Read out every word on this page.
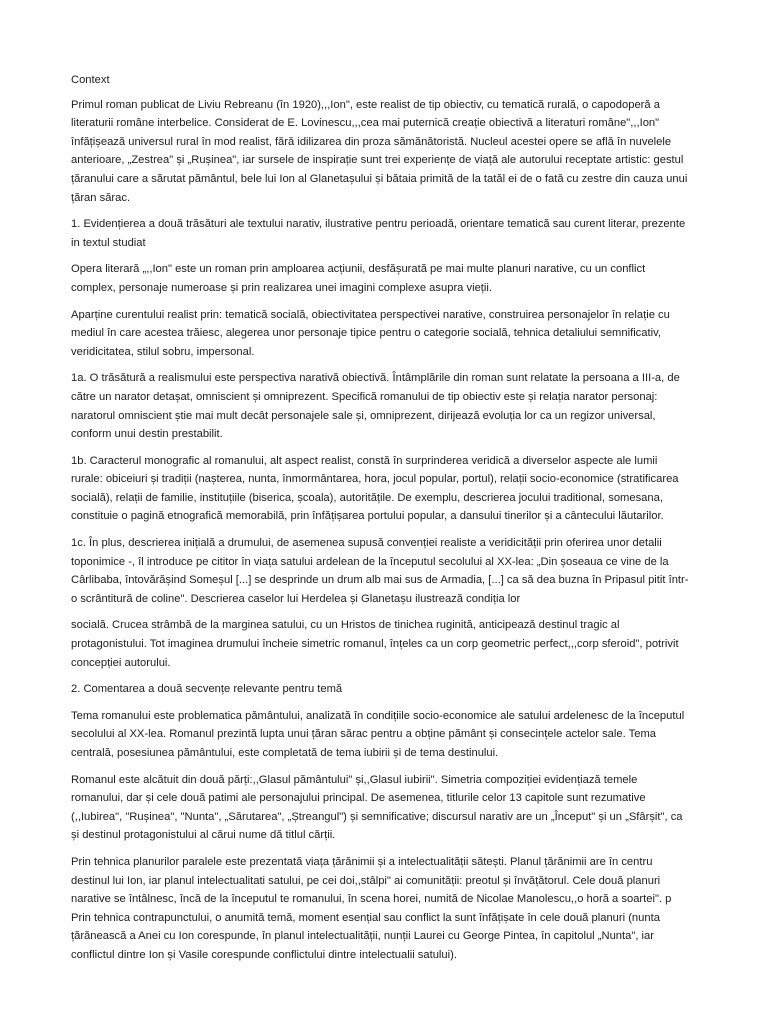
Context

Primul roman publicat de Liviu Rebreanu (în 1920),,,Ion", este realist de tip obiectiv, cu tematică rurală, o capodoperă a
literaturii române interbelice. Considerat de E. Lovinescu,,,cea mai puternică creație obiectivă a literaturi române",,,Ion"
înfățișează universul rural în mod realist, fără idilizarea din proza sămănătoristă. Nucleul acestei opere se află în nuvelele
anterioare, „Zestrea" și „Rușinea", iar sursele de inspirație sunt trei experiențe de viață ale autorului receptate artistic: gestul
țăranului care a sărutat pământul, bele lui Ion al Glanetașului și bătaia primită de la tatăl ei de o fată cu zestre din cauza unui
țăran sărac.

1. Evidențierea a două trăsături ale textului narativ, ilustrative pentru perioadă, orientare tematică sau curent literar, prezente
in textul studiat

Opera literară „,,Ion" este un roman prin amploarea acțiunii, desfășurată pe mai multe planuri narative, cu un conflict
complex, personaje numeroase și prin realizarea unei imagini complexe asupra vieții.

Aparține curentului realist prin: tematică socială, obiectivitatea perspectivei narative, construirea personajelor în relație cu
mediul în care acestea trăiesc, alegerea unor personaje tipice pentru o categorie socială, tehnica detaliului semnificativ,
veridicitatea, stilul sobru, impersonal.

1a. O trăsătură a realismului este perspectiva narativă obiectivă. Întâmplările din roman sunt relatate la persoana a III-a, de
către un narator detașat, omniscient și omniprezent. Specifică romanului de tip obiectiv este și relația narator personaj:
naratorul omniscient știe mai mult decât personajele sale și, omniprezent, dirijează evoluția lor ca un regizor universal,
conform unui destin prestabilit.

1b. Caracterul monografic al romanului, alt aspect realist, constă în surprinderea veridică a diverselor aspecte ale lumii
rurale: obiceiuri și tradiții (nașterea, nunta, înmormântarea, hora, jocul popular, portul), relații socio-economice (stratificarea
socială), relații de familie, instituțiile (biserica, școala), autoritățile. De exemplu, descrierea jocului traditional, somesana,
constituie o pagină etnografică memorabilă, prin înfățișarea portului popular, a dansului tinerilor și a cântecului lăutarilor.

1c. În plus, descrierea inițială a drumului, de asemenea supusă convenției realiste a veridicității prin oferirea unor detalii
toponimice -, îl introduce pe cititor în viața satului ardelean de la începutul secolului al XX-lea: „Din șoseaua ce vine de la
Cârlibaba, întovărășind Someșul [...] se desprinde un drum alb mai sus de Armadia, [...] ca să dea buzna în Pripasul pitit într-
o scrântitură de coline". Descrierea caselor lui Herdelea și Glanetașu ilustrează condiția lor

socială. Crucea strâmbă de la marginea satului, cu un Hristos de tinichea ruginită, anticipează destinul tragic al
protagonistului. Tot imaginea drumului încheie simetric romanul, înțeles ca un corp geometric perfect,,,corp sferoid", potrivit
concepției autorului.

2. Comentarea a două secvențe relevante pentru temă

Tema romanului este problematica pământului, analizată în condițiile socio-economice ale satului ardelenesc de la începutul
secolului al XX-lea. Romanul prezintă lupta unui țăran sărac pentru a obține pământ și consecințele actelor sale. Tema
centrală, posesiunea pământului, este completată de tema iubirii și de tema destinului.

Romanul este alcătuit din două părți:,,Glasul pământului" și,,Glasul iubirii". Simetria compoziției evidențiază temele
romanului, dar și cele două patimi ale personajului principal. De asemenea, titlurile celor 13 capitole sunt rezumative
(,,Iubirea", "Rușinea", "Nunta", „Sărutarea", „Ștreangul") și semnificative; discursul narativ are un „Început" și un „Sfârșit", ca
și destinul protagonistului al cărui nume dă titlul cărții.

Prin tehnica planurilor paralele este prezentată viața țărănimii și a intelectualității sătești. Planul țărănimii are în centru
destinul lui Ion, iar planul intelectualitati satului, pe cei doi,,stâlpi" ai comunității: preotul și învățătorul. Cele două planuri
narative se întâlnesc, încă de la începutul te romanului, în scena horei, numită de Nicolae Manolescu,,o horă a soartei". p
Prin tehnica contrapunctului, o anumită temă, moment esențial sau conflict la sunt înfățișate în cele două planuri (nunta
țărănească a Anei cu Ion corespunde, în planul intelectualității, nunții Laurei cu George Pintea, în capitolul „Nunta", iar
conflictul dintre Ion și Vasile corespunde conflictului dintre intelectualii satului).
